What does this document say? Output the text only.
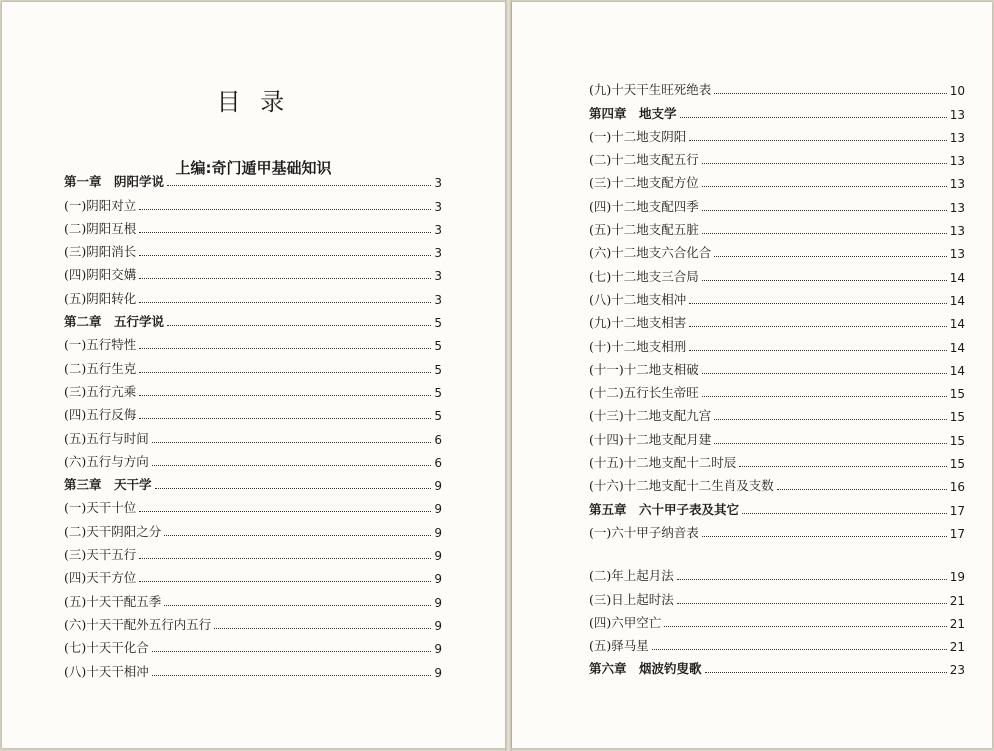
目 录
上编:奇门遁甲基础知识
第一章　阴阳学说	3
(一)阴阳对立	3
(二)阴阳互根	3
(三)阴阳消长	3
(四)阴阳交媾	3
(五)阴阳转化	3
第二章　五行学说	5
(一)五行特性	5
(二)五行生克	5
(三)五行亢乘	5
(四)五行反侮	5
(五)五行与时间	6
(六)五行与方向	6
第三章　天干学	9
(一)天干十位	9
(二)天干阴阳之分	9
(三)天干五行	9
(四)天干方位	9
(五)十天干配五季	9
(六)十天干配外五行内五行	9
(七)十天干化合	9
(八)十天干相冲	9
(九)十天干生旺死绝表	10
第四章　地支学	13
(一)十二地支阴阳	13
(二)十二地支配五行	13
(三)十二地支配方位	13
(四)十二地支配四季	13
(五)十二地支配五脏	13
(六)十二地支六合化合	13
(七)十二地支三合局	14
(八)十二地支相冲	14
(九)十二地支相害	14
(十)十二地支相刑	14
(十一)十二地支相破	14
(十二)五行长生帝旺	15
(十三)十二地支配九宫	15
(十四)十二地支配月建	15
(十五)十二地支配十二时辰	15
(十六)十二地支配十二生肖及支数	16
第五章　六十甲子表及其它	17
(一)六十甲子纳音表	17
(二)年上起月法	19
(三)日上起时法	21
(四)六甲空亡	21
(五)驿马星	21
第六章　烟波钓叟歌	23
